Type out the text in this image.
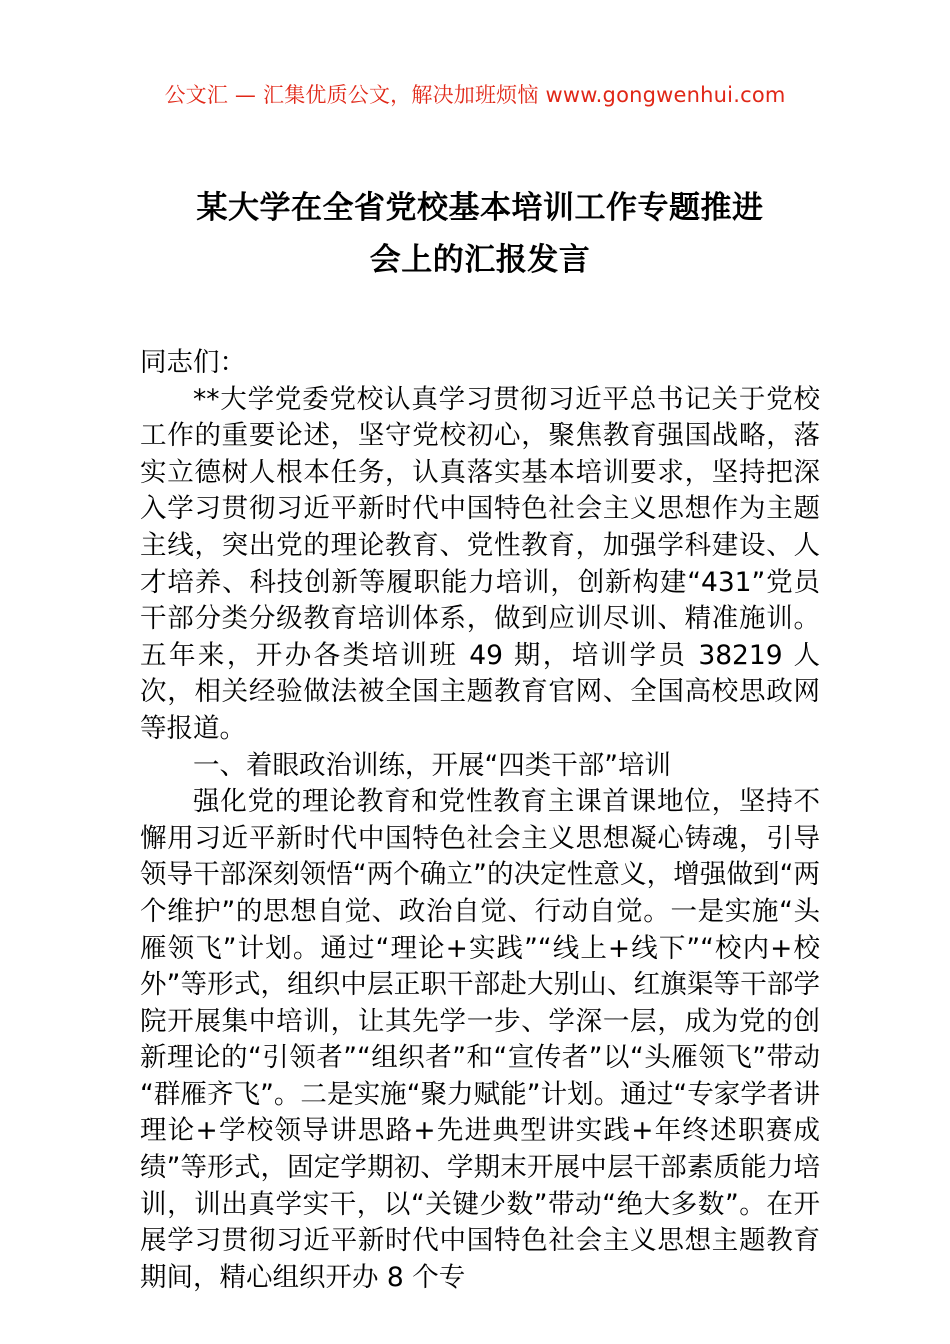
公文汇 — 汇集优质公文，解决加班烦恼 www.gongwenhui.com
某大学在全省党校基本培训工作专题推进
会上的汇报发言

同志们：

**大学党委党校认真学习贯彻习近平总书记关于党校工作的重要论述，坚守党校初心，聚焦教育强国战略，落实立德树人根本任务，认真落实基本培训要求，坚持把深入学习贯彻习近平新时代中国特色社会主义思想作为主题主线，突出党的理论教育、党性教育，加强学科建设、人才培养、科技创新等履职能力培训，创新构建“431”党员干部分类分级教育培训体系，做到应训尽训、精准施训。五年来，开办各类培训班 49 期，培训学员 38219 人次，相关经验做法被全国主题教育官网、全国高校思政网等报道。

一、着眼政治训练，开展“四类干部”培训

强化党的理论教育和党性教育主课首课地位，坚持不懈用习近平新时代中国特色社会主义思想凝心铸魂，引导领导干部深刻领悟“两个确立”的决定性意义，增强做到“两个维护”的思想自觉、政治自觉、行动自觉。一是实施“头雁领飞”计划。通过“理论+实践”“线上+线下”“校内+校外”等形式，组织中层正职干部赴大别山、红旗渠等干部学院开展集中培训，让其先学一步、学深一层，成为党的创新理论的“引领者”“组织者”和“宣传者”以“头雁领飞”带动“群雁齐飞”。二是实施“聚力赋能”计划。通过“专家学者讲理论+学校领导讲思路+先进典型讲实践+年终述职赛成绩”等形式，固定学期初、学期末开展中层干部素质能力培训，训出真学实干，以“关键少数”带动“绝大多数”。在开展学习贯彻习近平新时代中国特色社会主义思想主题教育期间，精心组织开办 8 个专
